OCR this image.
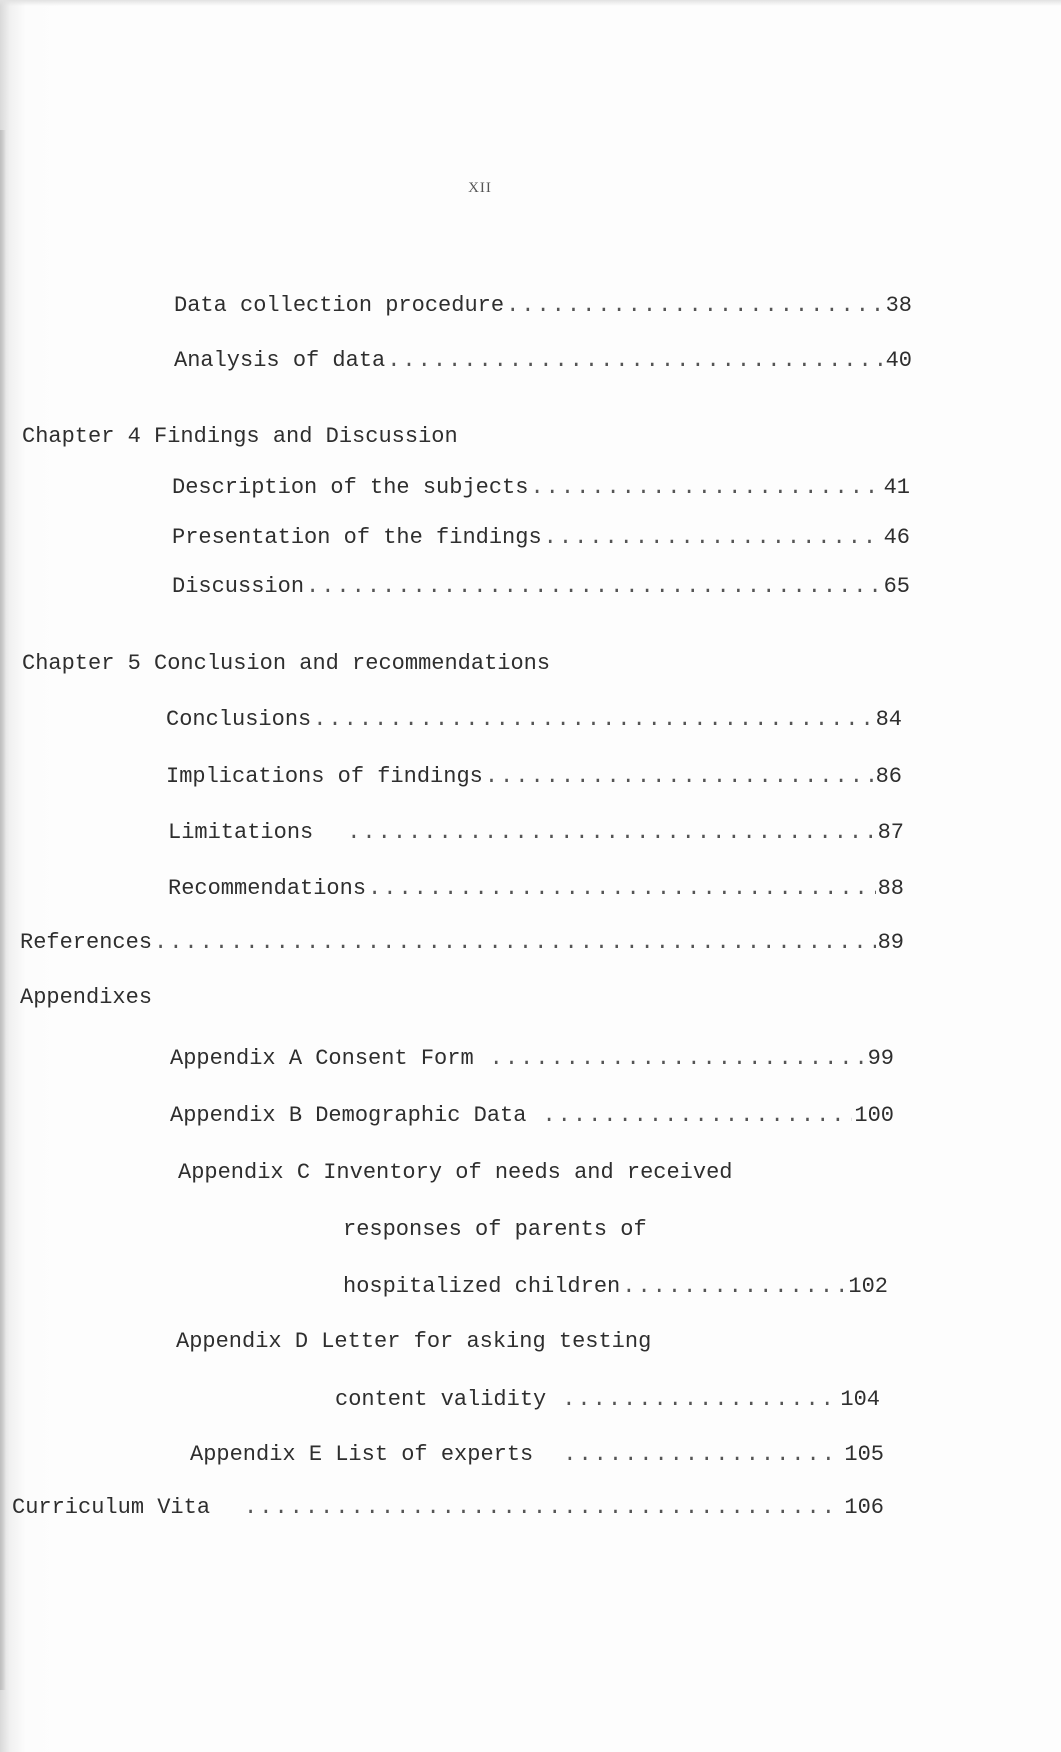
XII
Data collection procedure .....	38
Analysis of data .....	40
Chapter 4 Findings and Discussion
Description of the subjects .....	41
Presentation of the findings .....	46
Discussion .....	65
Chapter 5 Conclusion and recommendations
Conclusions .....	84
Implications of findings .....	86
Limitations .....	87
Recommendations .....	88
References .....	89
Appendixes
Appendix A Consent Form .....	99
Appendix B Demographic Data .....	100
Appendix C Inventory of needs and received
responses of parents of
hospitalized children .....	102
Appendix D Letter for asking testing
content validity .....	104
Appendix E List of experts .....	105
Curriculum Vita .....	106
